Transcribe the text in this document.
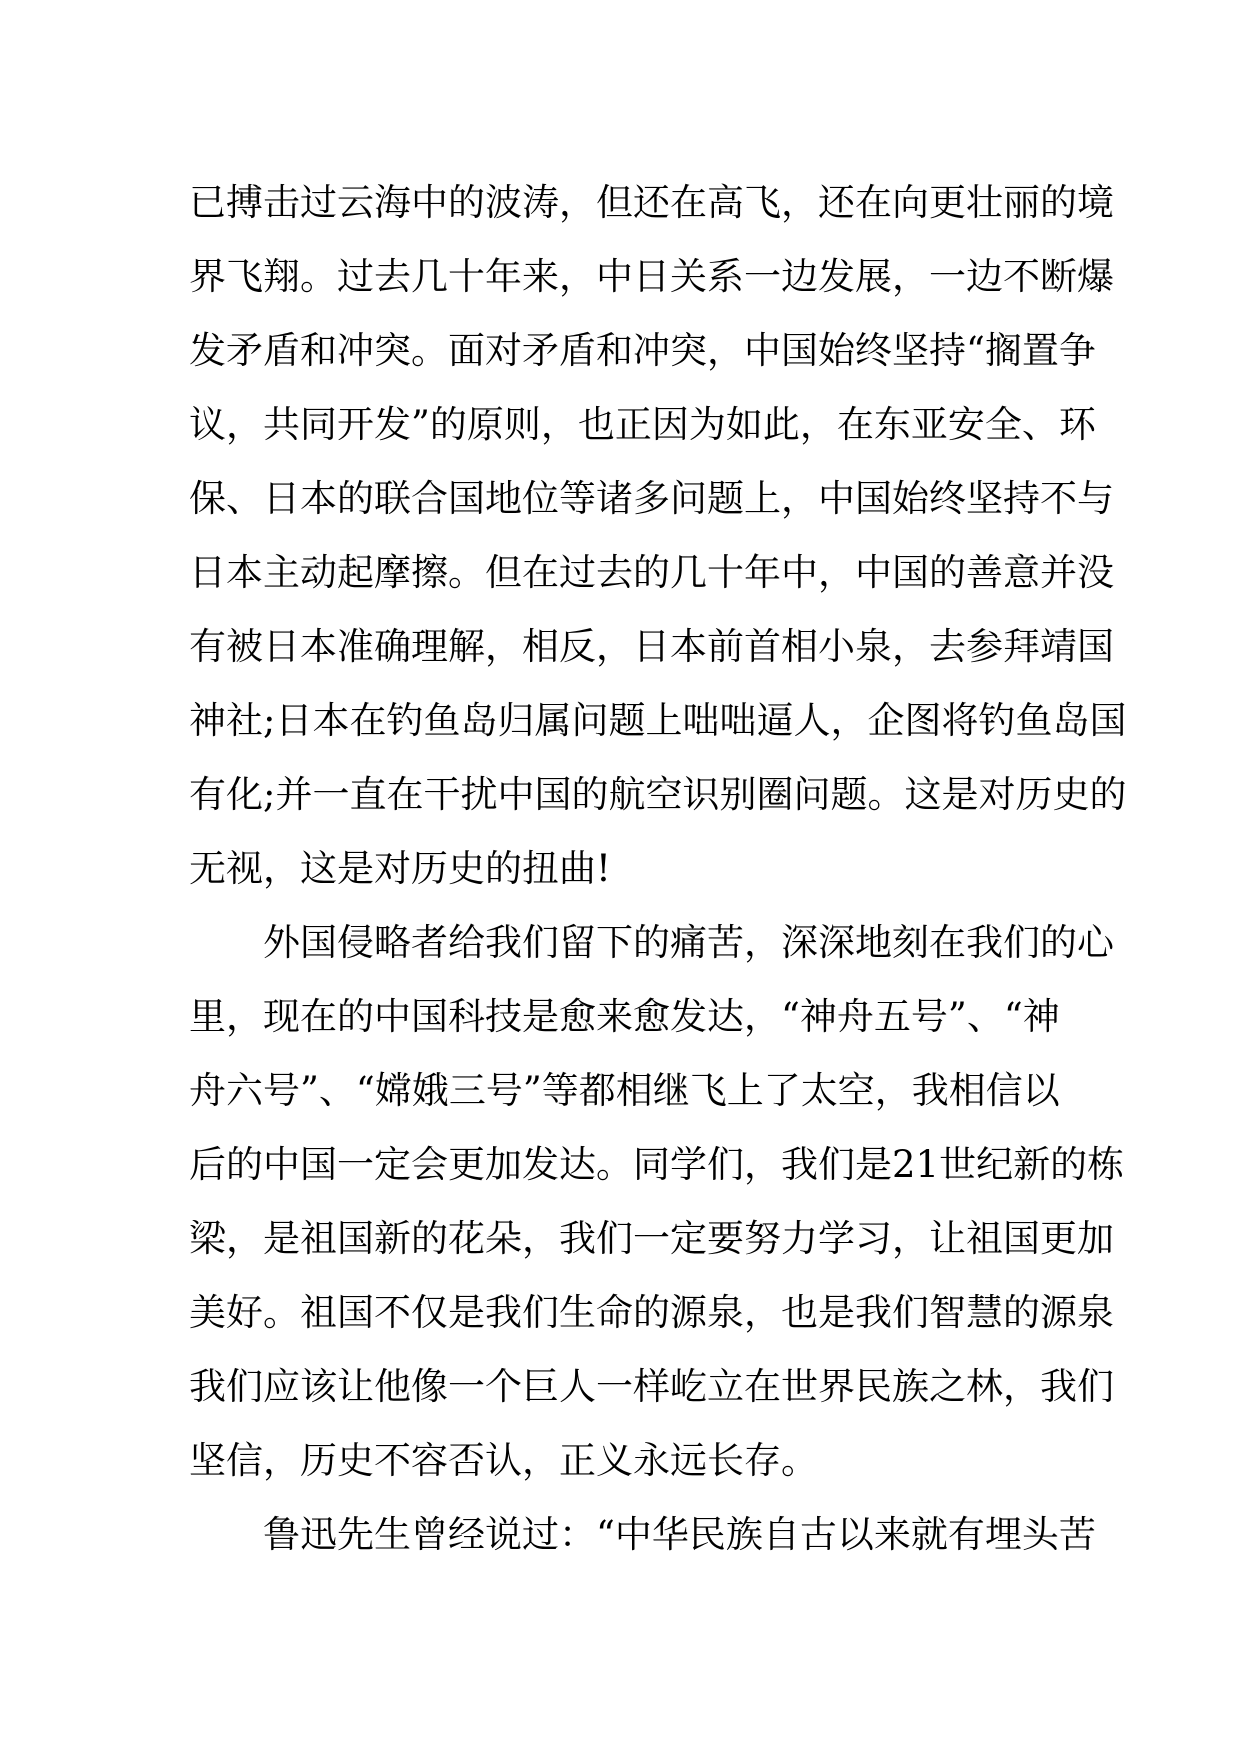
已搏击过云海中的波涛，但还在高飞，还在向更壮丽的境
界飞翔。过去几十年来，中日关系一边发展，一边不断爆
发矛盾和冲突。面对矛盾和冲突，中国始终坚持“搁置争
议，共同开发”的原则，也正因为如此，在东亚安全、环
保、日本的联合国地位等诸多问题上，中国始终坚持不与
日本主动起摩擦。但在过去的几十年中，中国的善意并没
有被日本准确理解，相反，日本前首相小泉，去参拜靖国
神社;日本在钓鱼岛归属问题上咄咄逼人，企图将钓鱼岛国
有化;并一直在干扰中国的航空识别圈问题。这是对历史的
无视，这是对历史的扭曲!
外国侵略者给我们留下的痛苦，深深地刻在我们的心
里，现在的中国科技是愈来愈发达，“神舟五号”、“神
舟六号”、“嫦娥三号”等都相继飞上了太空，我相信以
后的中国一定会更加发达。同学们，我们是21世纪新的栋
梁，是祖国新的花朵，我们一定要努力学习，让祖国更加
美好。祖国不仅是我们生命的源泉，也是我们智慧的源泉
我们应该让他像一个巨人一样屹立在世界民族之林，我们
坚信，历史不容否认，正义永远长存。
鲁迅先生曾经说过：“中华民族自古以来就有埋头苦
